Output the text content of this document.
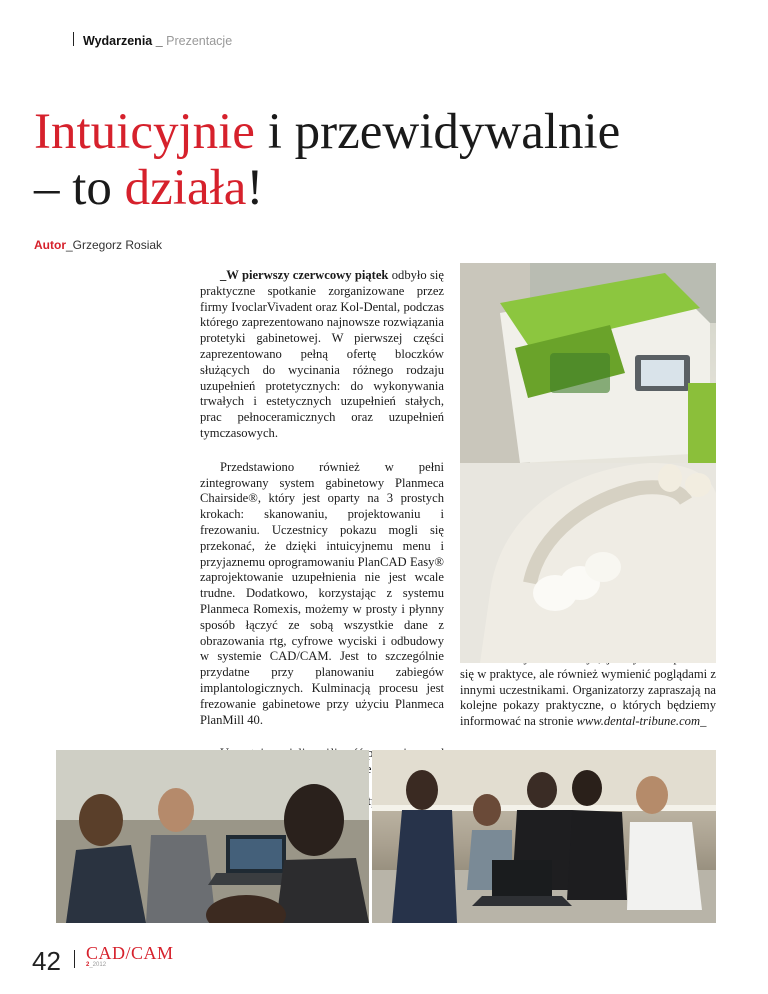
Wydarzenia _ Prezentacje
Intuicyjnie i przewidywalnie
– to działa!
Autor_Grzegorz Rosiak

_W pierwszy czerwcowy piątek odbyło się praktyczne spotkanie zorganizowane przez firmy IvoclarVivadent oraz Kol-Dental, podczas którego zaprezentowano najnowsze rozwiązania protetyki gabinetowej. W pierwszej części zaprezentowano pełną ofertę bloczków służących do wycinania różnego rodzaju uzupełnień protetycznych: do wykonywania trwałych i estetycznych uzupełnień stałych, prac pełnoceramicznych oraz uzupełnień tymczasowych.

Przedstawiono również w pełni zintegrowany system gabinetowy Planmeca Chairside®, który jest oparty na 3 prostych krokach: skanowaniu, projektowaniu i frezowaniu. Uczestnicy pokazu mogli się przekonać, że dzięki intuicyjnemu menu i przyjaznemu oprogramowaniu PlanCAD Easy® zaprojektowanie uzupełnienia nie jest wcale trudne. Dodatkowo, korzystając z systemu Planmeca Romexis, możemy w prosty i płynny sposób łączyć ze sobą wszystkie dane z obrazowania rtg, cyfrowe wyciski i odbudowy w systemie CAD/CAM. Jest to szczególnie przydatne przy planowaniu zabiegów implantologicznych. Kulminacją procesu jest frezowanie gabinetowe przy użyciu Planmeca PlanMill 40.

się w praktyce, ale również wymienić poglądami z innymi uczestnikami. Organizatorzy zapraszają na kolejne pokazy praktyczne, o których będziemy informować na stronie www.dental-tribune.com_

42 CAD/CAM
2_2012
